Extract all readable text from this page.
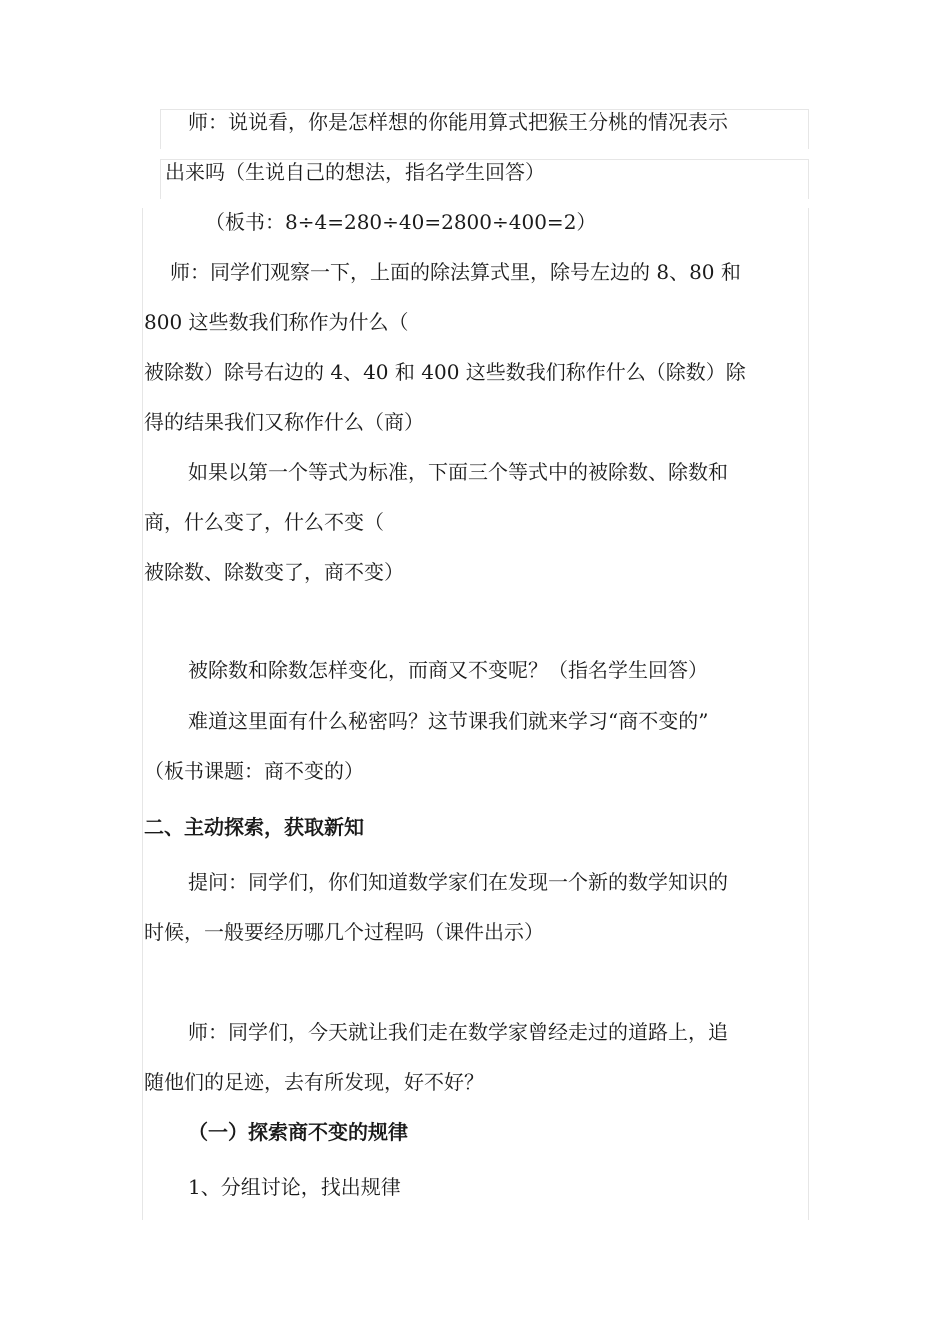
师：说说看，你是怎样想的你能用算式把猴王分桃的情况表示
出来吗（生说自己的想法，指名学生回答）
（板书：8÷4=280÷40=2800÷400=2）
师：同学们观察一下，上面的除法算式里，除号左边的 8、80 和
800 这些数我们称作为什么（
被除数）除号右边的 4、40 和 400 这些数我们称作什么（除数）除
得的结果我们又称作什么（商）
如果以第一个等式为标准，下面三个等式中的被除数、除数和
商，什么变了，什么不变（
被除数、除数变了，商不变）
被除数和除数怎样变化，而商又不变呢？（指名学生回答）
难道这里面有什么秘密吗？这节课我们就来学习“商不变的”
（板书课题：商不变的）
二、主动探索，获取新知
提问：同学们，你们知道数学家们在发现一个新的数学知识的
时候，一般要经历哪几个过程吗（课件出示）
师：同学们，今天就让我们走在数学家曾经走过的道路上，追
随他们的足迹，去有所发现，好不好？
（一）探索商不变的规律
1、分组讨论，找出规律
